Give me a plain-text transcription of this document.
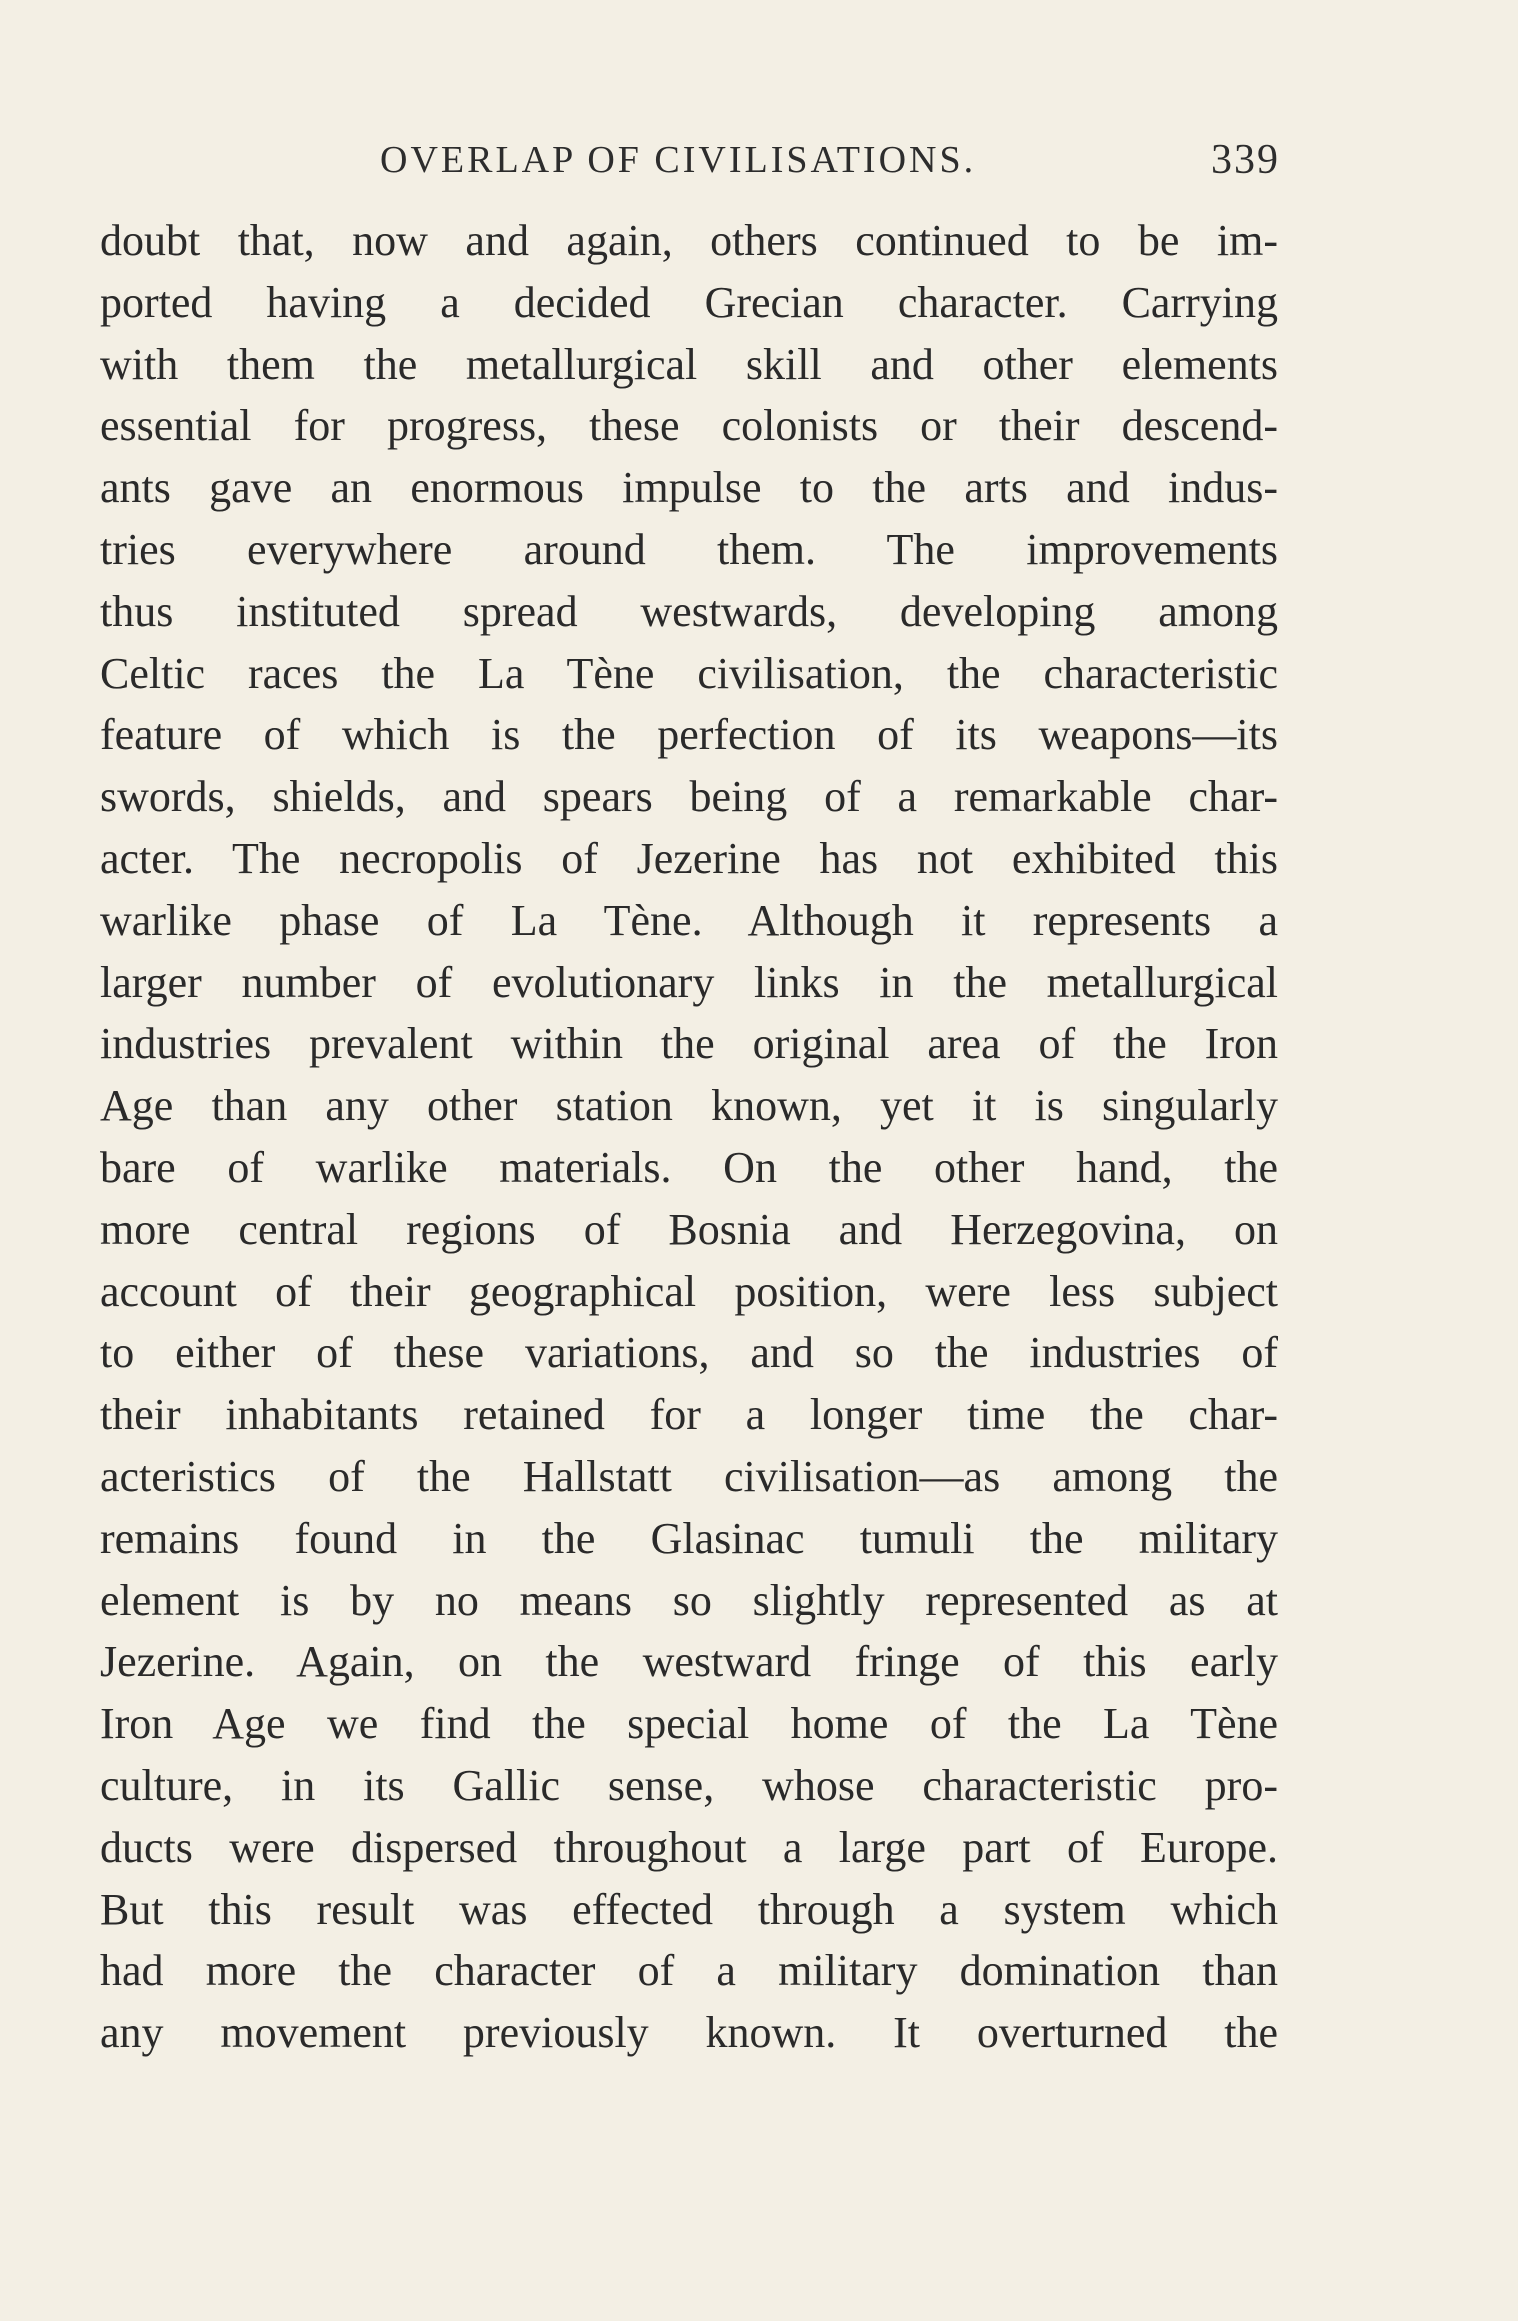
OVERLAP OF CIVILISATIONS.	339
doubt that, now and again, others continued to be im-
ported having a decided Grecian character. Carrying
with them the metallurgical skill and other elements
essential for progress, these colonists or their descend-
ants gave an enormous impulse to the arts and indus-
tries everywhere around them. The improvements
thus instituted spread westwards, developing among
Celtic races the La Tène civilisation, the characteristic
feature of which is the perfection of its weapons—its
swords, shields, and spears being of a remarkable char-
acter. The necropolis of Jezerine has not exhibited this
warlike phase of La Tène. Although it represents a
larger number of evolutionary links in the metallurgical
industries prevalent within the original area of the Iron
Age than any other station known, yet it is singularly
bare of warlike materials. On the other hand, the
more central regions of Bosnia and Herzegovina, on
account of their geographical position, were less subject
to either of these variations, and so the industries of
their inhabitants retained for a longer time the char-
acteristics of the Hallstatt civilisation—as among the
remains found in the Glasinac tumuli the military
element is by no means so slightly represented as at
Jezerine. Again, on the westward fringe of this early
Iron Age we find the special home of the La Tène
culture, in its Gallic sense, whose characteristic pro-
ducts were dispersed throughout a large part of Europe.
But this result was effected through a system which
had more the character of a military domination than
any movement previously known. It overturned the
